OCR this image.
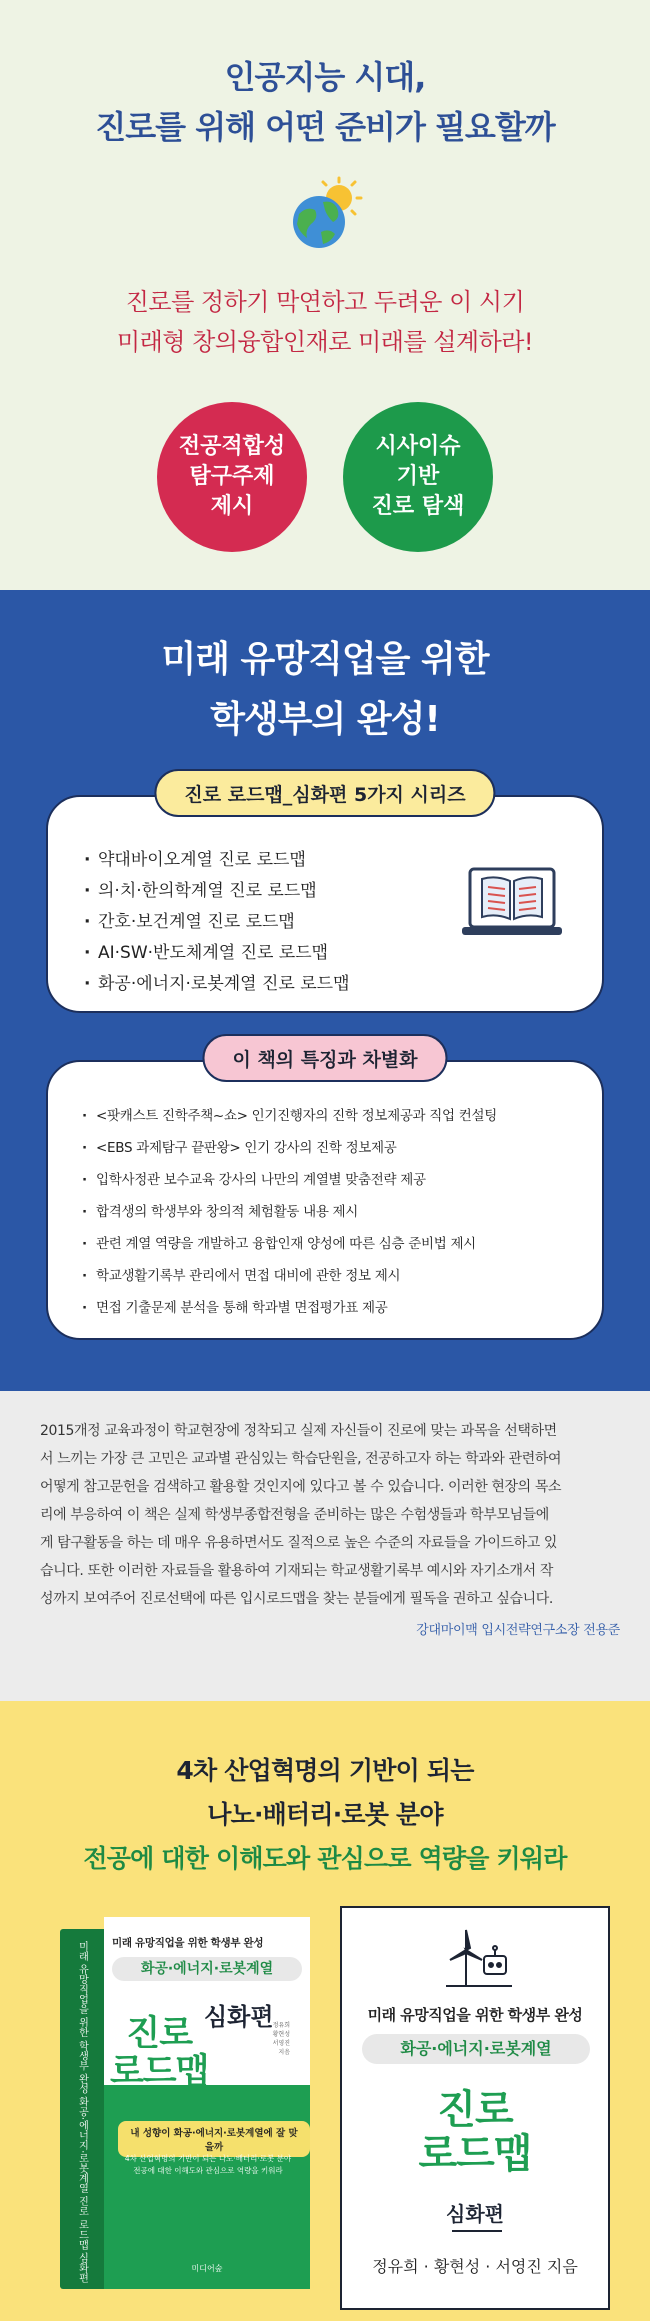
인공지능 시대,
진로를 위해 어떤 준비가 필요할까
진로를 정하기 막연하고 두려운 이 시기
미래형 창의융합인재로 미래를 설계하라!
전공적합성
탐구주제
제시
시사이슈
기반
진로 탐색
미래 유망직업을 위한
학생부의 완성!
진로 로드맵_심화편 5가지 시리즈
· 약대바이오계열 진로 로드맵
· 의·치·한의학계열 진로 로드맵
· 간호·보건계열 진로 로드맵
· AI·SW·반도체계열 진로 로드맵
· 화공·에너지·로봇계열 진로 로드맵
이 책의 특징과 차별화
· <팟캐스트 진학주책~쇼> 인기진행자의 진학 정보제공과 직업 컨설팅
· <EBS 과제탐구 끝판왕> 인기 강사의 진학 정보제공
· 입학사정관 보수교육 강사의 나만의 계열별 맞춤전략 제공
· 합격생의 학생부와 창의적 체험활동 내용 제시
· 관련 계열 역량을 개발하고 융합인재 양성에 따른 심층 준비법 제시
· 학교생활기록부 관리에서 면접 대비에 관한 정보 제시
· 면접 기출문제 분석을 통해 학과별 면접평가표 제공
2015개정 교육과정이 학교현장에 정착되고 실제 자신들이 진로에 맞는 과목을 선택하면
서 느끼는 가장 큰 고민은 교과별 관심있는 학습단원을, 전공하고자 하는 학과와 관련하여
어떻게 참고문헌을 검색하고 활용할 것인지에 있다고 볼 수 있습니다. 이러한 현장의 목소
리에 부응하여 이 책은 실제 학생부종합전형을 준비하는 많은 수험생들과 학부모님들에
게 탐구활동을 하는 데 매우 유용하면서도 질적으로 높은 수준의 자료들을 가이드하고 있
습니다. 또한 이러한 자료들을 활용하여 기재되는 학교생활기록부 예시와 자기소개서 작
성까지 보여주어 진로선택에 따른 입시로드맵을 찾는 분들에게 필독을 권하고 싶습니다.
강대마이맥 입시전략연구소장 전용준
4차 산업혁명의 기반이 되는
나노·배터리·로봇 분야
전공에 대한 이해도와 관심으로 역량을 키워라
미래 유망직업을 위한 학생부 완성 화공·에너지·로봇계열 진로 로드맵 심화편	미래 유망직업을 위한 학생부 완성
화공·에너지·로봇계열
심화편
진로
로드맵
정유희
황현성
서영진
지음
내 성향이 화공·에너지·로봇계열에 잘 맞을까
4차 산업혁명의 기반이 되는 나노·배터리·로봇 분야
전공에 대한 이해도와 관심으로 역량을 키워라
미디어숲
미래 유망직업을 위한 학생부 완성
화공·에너지·로봇계열
진로
로드맵
심화편
정유희 · 황현성 · 서영진 지음
